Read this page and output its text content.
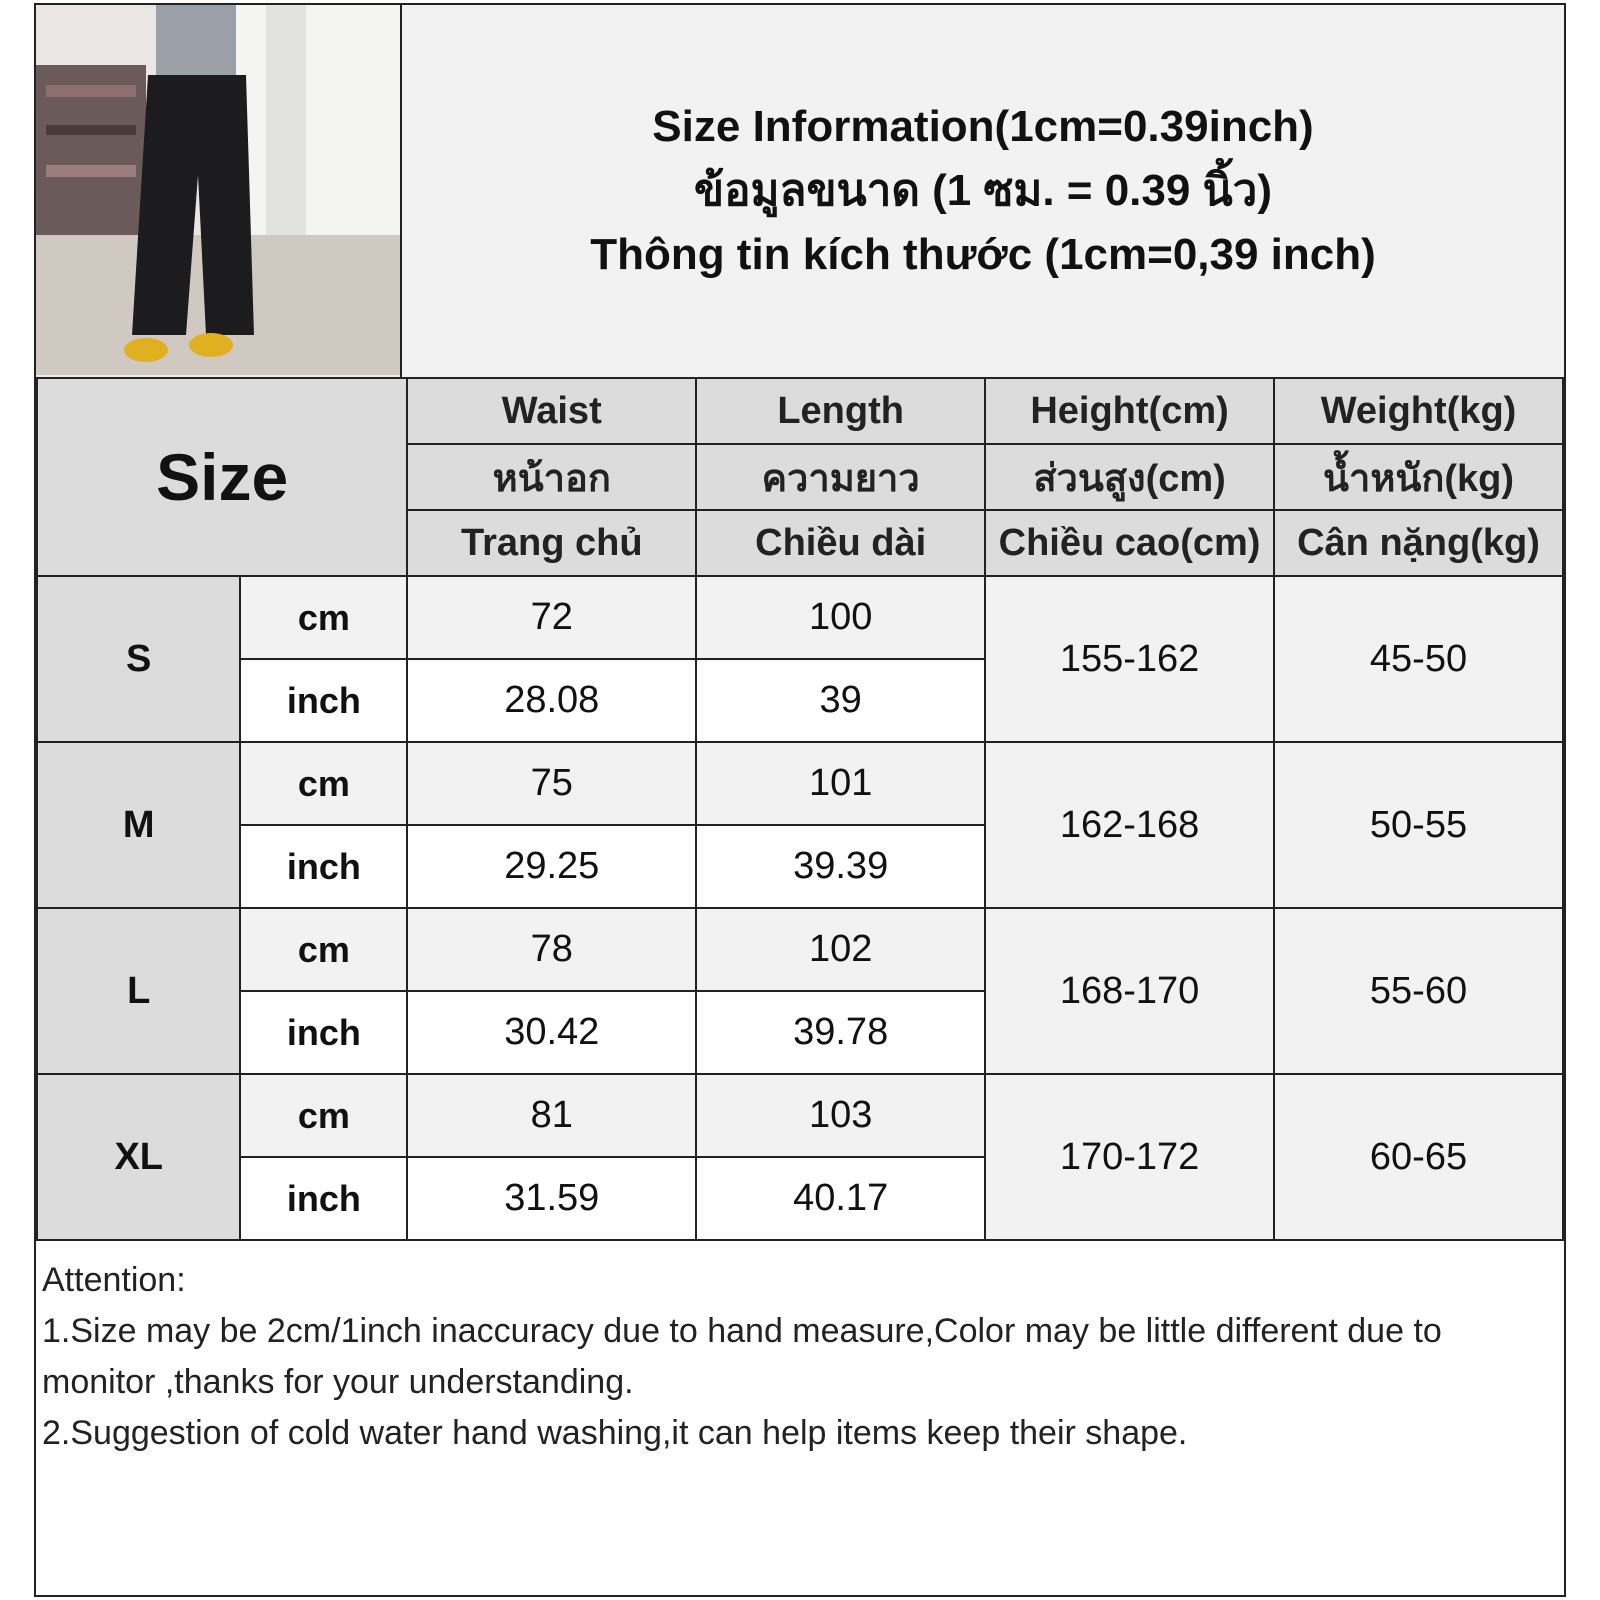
Size Information(1cm=0.39inch)
ข้อมูลขนาด (1 ซม. = 0.39 นิ้ว)
Thông tin kích thước (1cm=0,39 inch)
Size		Waist	Length	Height(cm)	Weight(kg)
		หน้าอก	ความยาว	ส่วนสูง(cm)	น้ำหนัก(kg)
		Trang chủ	Chiều dài	Chiều cao(cm)	Cân nặng(kg)
S	cm	72	100	155-162	45-50
	inch	28.08	39		
M	cm	75	101	162-168	50-55
	inch	29.25	39.39		
L	cm	78	102	168-170	55-60
	inch	30.42	39.78		
XL	cm	81	103	170-172	60-65
	inch	31.59	40.17		
Attention:
1.Size may be 2cm/1inch inaccuracy due to hand measure,Color may be little different due to monitor ,thanks for your understanding.
2.Suggestion of cold water hand washing,it can help items keep their shape.
